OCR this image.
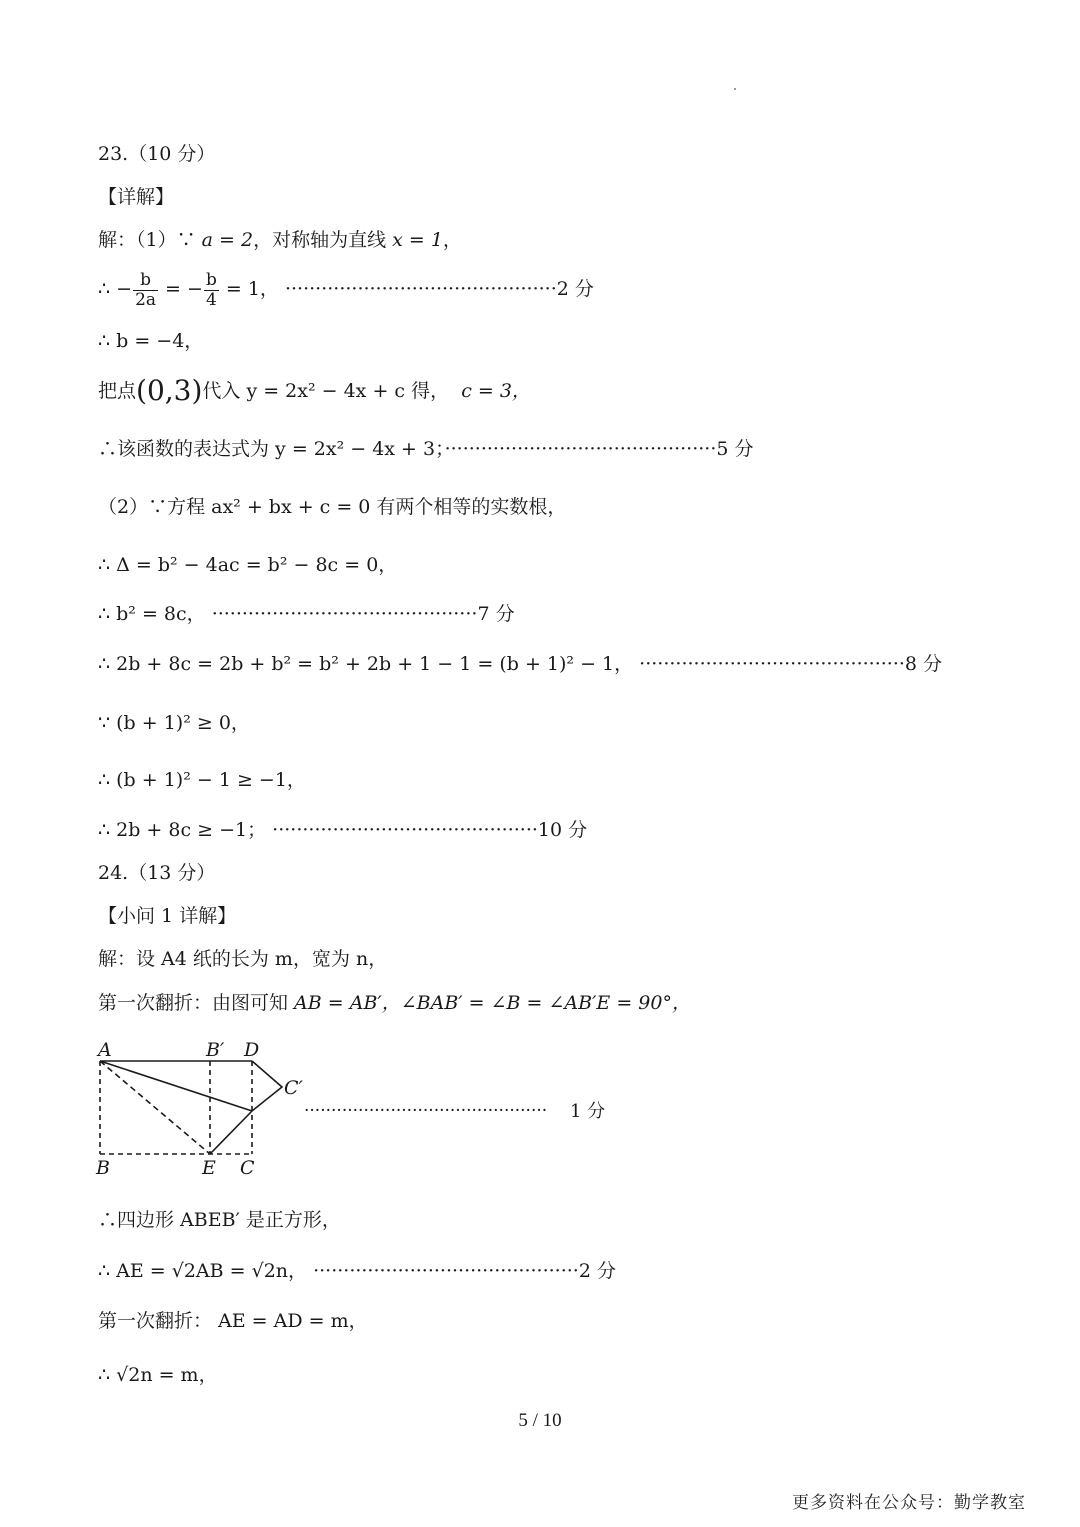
23.（10 分）
【详解】
解：（1）∵ a = 2，对称轴为直线 x = 1，
∴ − $\frac{b}{2a}$ = − $\frac{b}{4} = 1$， ·············································2 分
∴ b = −4，
把点(0,3)代入 y = 2x² − 4x + c 得， c = 3，
∴该函数的表达式为 y = 2x² − 4x + 3；·············································5 分
（2）∵方程 ax² + bx + c = 0 有两个相等的实数根，
∴ Δ = b² − 4ac = b² − 8c = 0，
∴ b² = 8c， ············································7 分
∴ 2b + 8c = 2b + b² = b² + 2b + 1 − 1 = (b + 1)² − 1， ············································8 分
∵ (b + 1)² ≥ 0，
∴ (b + 1)² − 1 ≥ −1，
∴ 2b + 8c ≥ −1； ············································10 分
24.（13 分）
【小问 1 详解】
解：设 A4 纸的长为 m，宽为 n，
第一次翻折：由图可知 AB = AB′，∠BAB′ = ∠B = ∠AB′E = 90°，
A	B′ D
C′
B	E C
············································· 1 分
∴四边形 ABEB′ 是正方形，
∴ AE = √2AB = √2n， ············································2 分
第一次翻折： AE = AD = m，
∴ √2n = m，
5 / 10
更多资料在公众号：勤学教室
